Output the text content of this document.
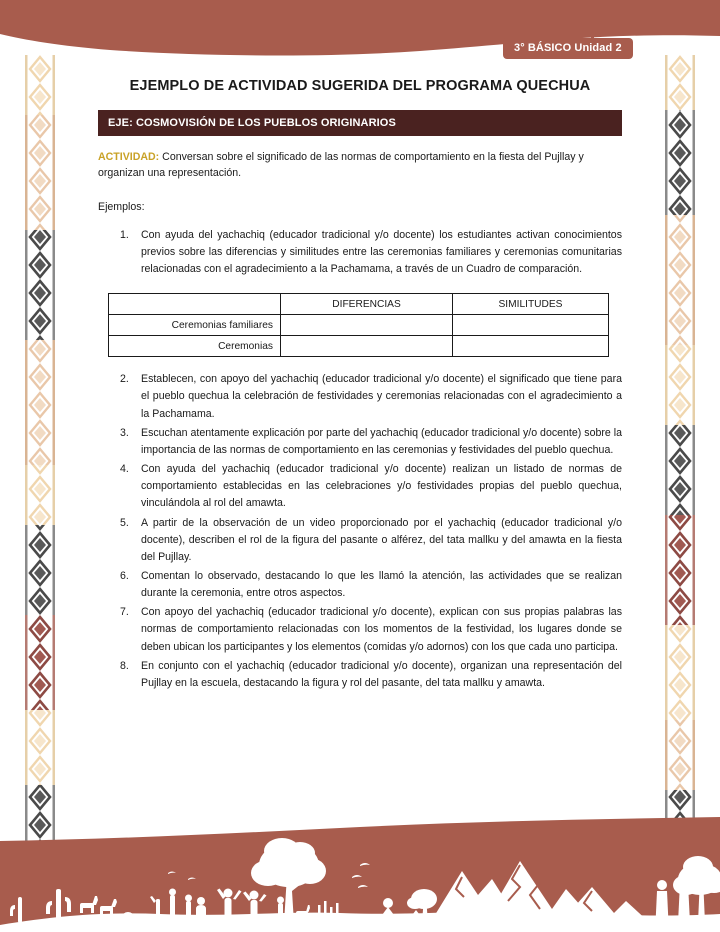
3° BÁSICO Unidad 2
EJEMPLO DE ACTIVIDAD SUGERIDA DEL PROGRAMA QUECHUA
EJE: COSMOVISIÓN DE LOS PUEBLOS ORIGINARIOS

ACTIVIDAD: Conversan sobre el significado de las normas de comportamiento en la fiesta del Pujllay y organizan una representación.

Ejemplos:
Con ayuda del yachachiq (educador tradicional y/o docente) los estudiantes activan conocimientos previos sobre las diferencias y similitudes entre las ceremonias familiares y ceremonias comunitarias relacionadas con el agradecimiento a la Pachamama, a través de un Cuadro de comparación.
	DIFERENCIAS	SIMILITUDES
Ceremonias familiares		
Ceremonias		
Establecen, con apoyo del yachachiq (educador tradicional y/o docente) el significado que tiene para el pueblo quechua la celebración de festividades y ceremonias relacionadas con el agradecimiento a la Pachamama.
Escuchan atentamente explicación por parte del yachachiq (educador tradicional y/o docente) sobre la importancia de las normas de comportamiento en las ceremonias y festividades del pueblo quechua.
Con ayuda del yachachiq (educador tradicional y/o docente) realizan un listado de normas de comportamiento establecidas en las celebraciones y/o festividades propias del pueblo quechua, vinculándola al rol del amawta.
A partir de la observación de un video proporcionado por el yachachiq (educador tradicional y/o docente), describen el rol de la figura del pasante o alférez, del tata mallku y del amawta en la fiesta del Pujllay.
Comentan lo observado, destacando lo que les llamó la atención, las actividades que se realizan durante la ceremonia, entre otros aspectos.
Con apoyo del yachachiq (educador tradicional y/o docente), explican con sus propias palabras las normas de comportamiento relacionadas con los momentos de la festividad, los lugares donde se deben ubican los participantes y los elementos (comidas y/o adornos) con los que cada uno participa.
En conjunto con el yachachiq (educador tradicional y/o docente), organizan una representación del Pujllay en la escuela, destacando la figura y rol del pasante, del tata mallku y amawta.
